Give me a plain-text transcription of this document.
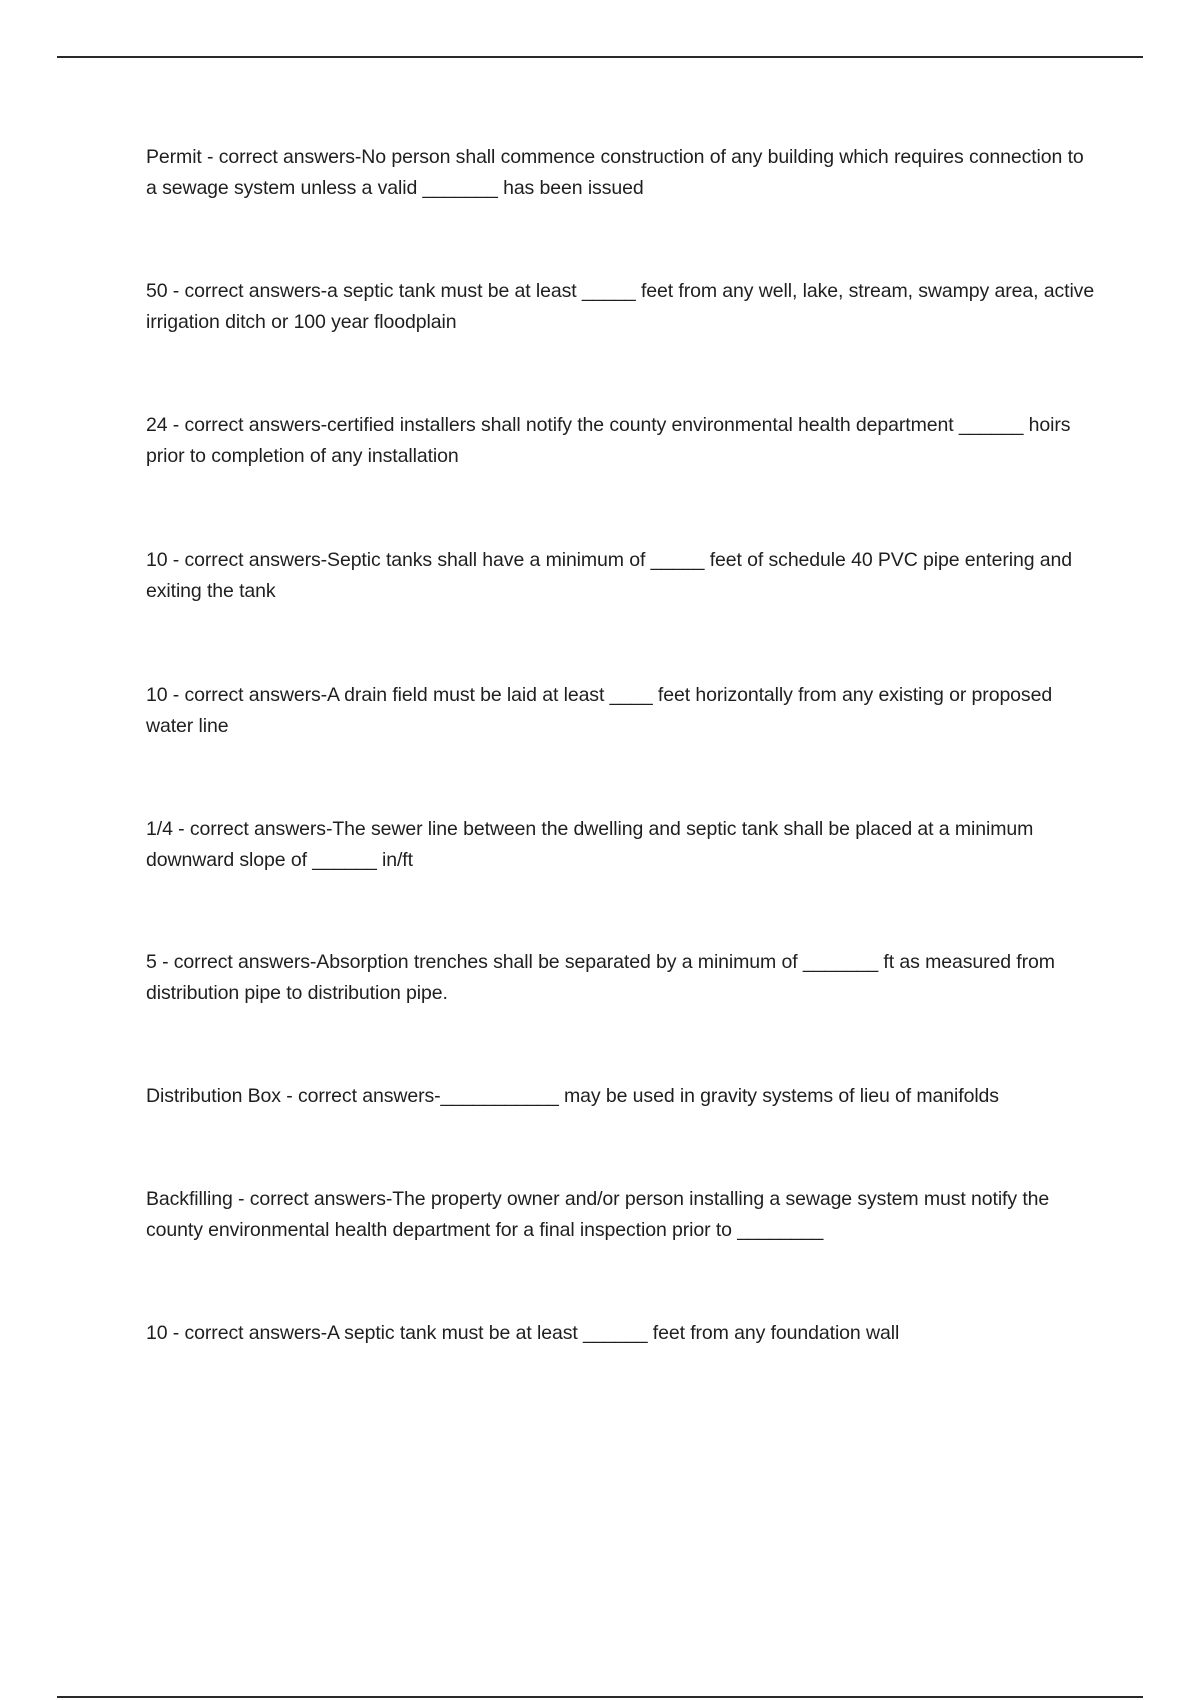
Permit - correct answers-No person shall commence construction of any building which requires connection to a sewage system unless a valid _______ has been issued

50 - correct answers-a septic tank must be at least _____ feet from any well, lake, stream, swampy area, active irrigation ditch or 100 year floodplain

24 - correct answers-certified installers shall notify the county environmental health department ______ hoirs prior to completion of any installation

10 - correct answers-Septic tanks shall have a minimum of _____ feet of schedule 40 PVC pipe entering and exiting the tank

10 - correct answers-A drain field must be laid at least ____ feet horizontally from any existing or proposed water line

1/4 - correct answers-The sewer line between the dwelling and septic tank shall be placed at a minimum downward slope of ______ in/ft

5 - correct answers-Absorption trenches shall be separated by a minimum of _______ ft as measured from distribution pipe to distribution pipe.

Distribution Box - correct answers-___________ may be used in gravity systems of lieu of manifolds

Backfilling - correct answers-The property owner and/or person installing a sewage system must notify the county environmental health department for a final inspection prior to ________

10 - correct answers-A septic tank must be at least ______ feet from any foundation wall
